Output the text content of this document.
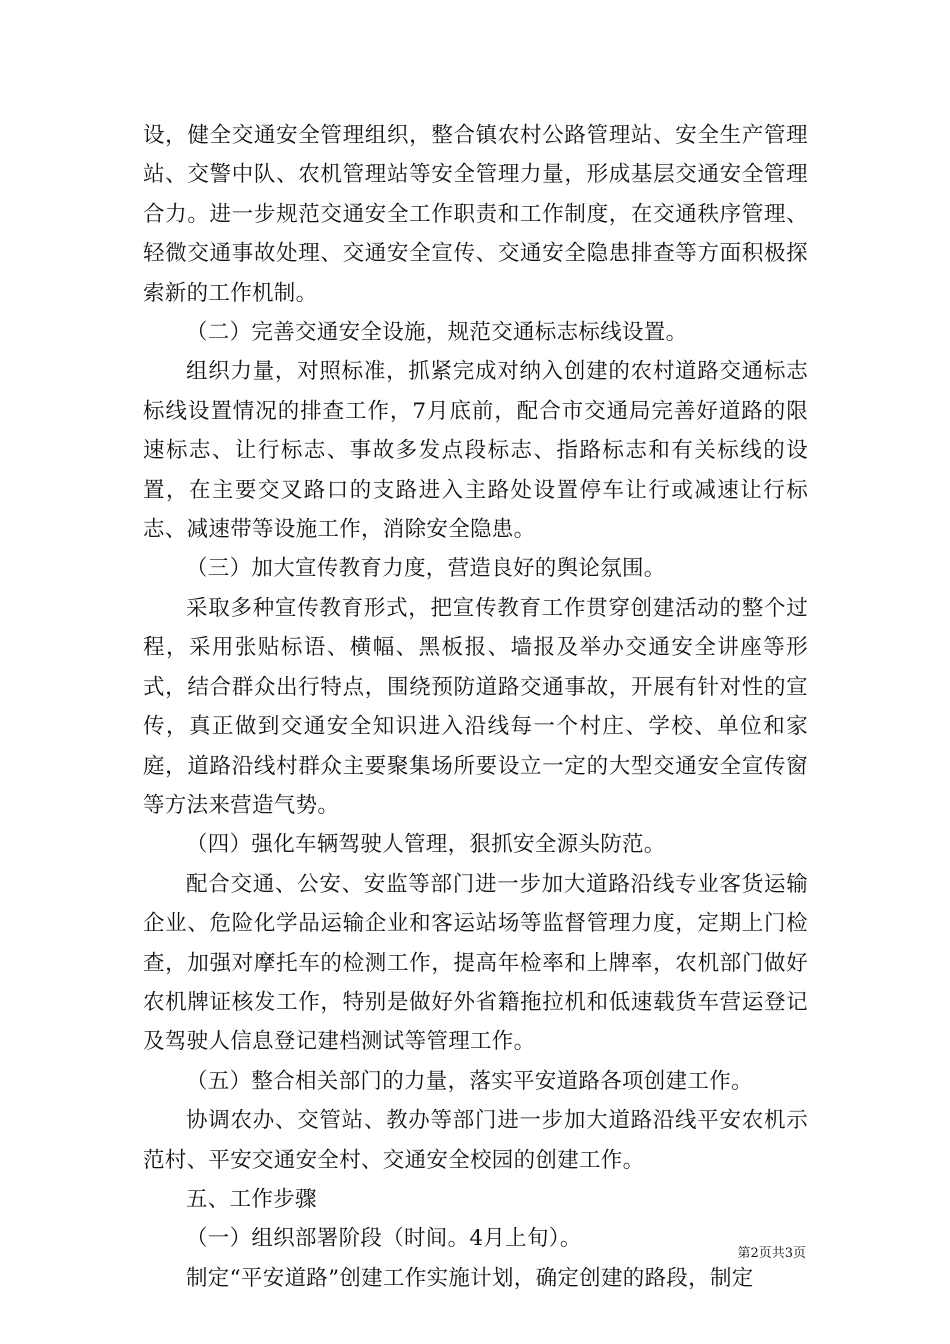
设，健全交通安全管理组织，整合镇农村公路管理站、安全生产管理站、交警中队、农机管理站等安全管理力量，形成基层交通安全管理合力。进一步规范交通安全工作职责和工作制度，在交通秩序管理、轻微交通事故处理、交通安全宣传、交通安全隐患排查等方面积极探索新的工作机制。

（二）完善交通安全设施，规范交通标志标线设置。

组织力量，对照标准，抓紧完成对纳入创建的农村道路交通标志标线设置情况的排查工作，7月底前，配合市交通局完善好道路的限速标志、让行标志、事故多发点段标志、指路标志和有关标线的设置，在主要交叉路口的支路进入主路处设置停车让行或减速让行标志、减速带等设施工作，消除安全隐患。

（三）加大宣传教育力度，营造良好的舆论氛围。

采取多种宣传教育形式，把宣传教育工作贯穿创建活动的整个过程，采用张贴标语、横幅、黑板报、墙报及举办交通安全讲座等形式，结合群众出行特点，围绕预防道路交通事故，开展有针对性的宣传，真正做到交通安全知识进入沿线每一个村庄、学校、单位和家庭，道路沿线村群众主要聚集场所要设立一定的大型交通安全宣传窗等方法来营造气势。

（四）强化车辆驾驶人管理，狠抓安全源头防范。

配合交通、公安、安监等部门进一步加大道路沿线专业客货运输企业、危险化学品运输企业和客运站场等监督管理力度，定期上门检查，加强对摩托车的检测工作，提高年检率和上牌率，农机部门做好农机牌证核发工作，特别是做好外省籍拖拉机和低速载货车营运登记及驾驶人信息登记建档测试等管理工作。

（五）整合相关部门的力量，落实平安道路各项创建工作。

协调农办、交管站、教办等部门进一步加大道路沿线平安农机示范村、平安交通安全村、交通安全校园的创建工作。

五、工作步骤

（一）组织部署阶段（时间。4月上旬）。

制定“平安道路”创建工作实施计划，确定创建的路段，制定

第2页共3页
